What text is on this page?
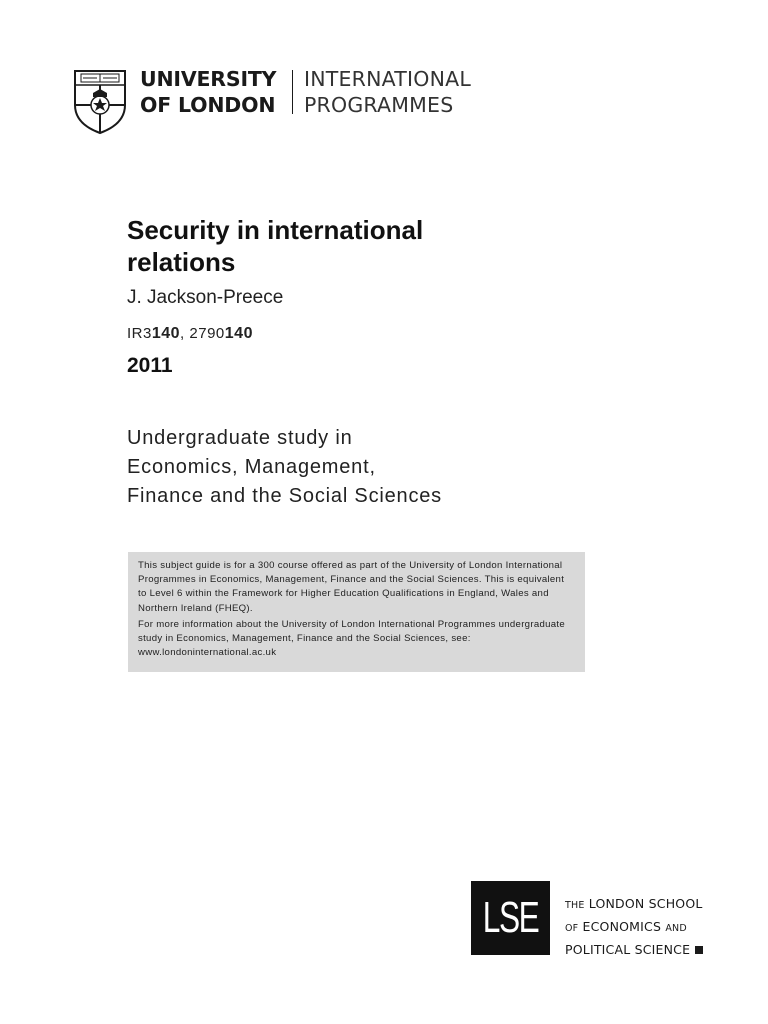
UNIVERSITY
OF LONDON
INTERNATIONAL
PROGRAMMES
Security in international
relations
J. Jackson-Preece
IR3140, 2790140
2011
Undergraduate study in
Economics, Management,
Finance and the Social Sciences

This subject guide is for a 300 course offered as part of the University of London International Programmes in Economics, Management, Finance and the Social Sciences. This is equivalent to Level 6 within the Framework for Higher Education Qualifications in England, Wales and Northern Ireland (FHEQ).

For more information about the University of London International Programmes undergraduate study in Economics, Management, Finance and the Social Sciences, see: www.londoninternational.ac.uk

LSE	THE LONDON SCHOOL
OF ECONOMICS AND
POLITICAL SCIENCE
